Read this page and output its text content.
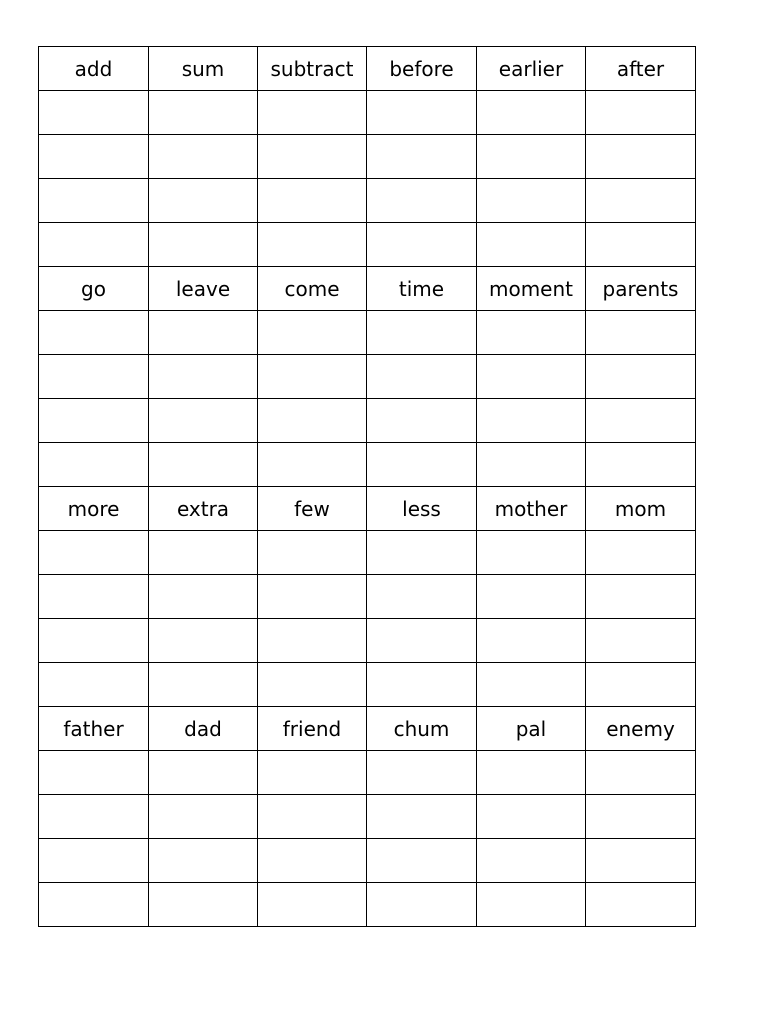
add	sum	subtract	before	earlier	after

go	leave	come	time	moment	parents

more	extra	few	less	mother	mom

father	dad	friend	chum	pal	enemy
